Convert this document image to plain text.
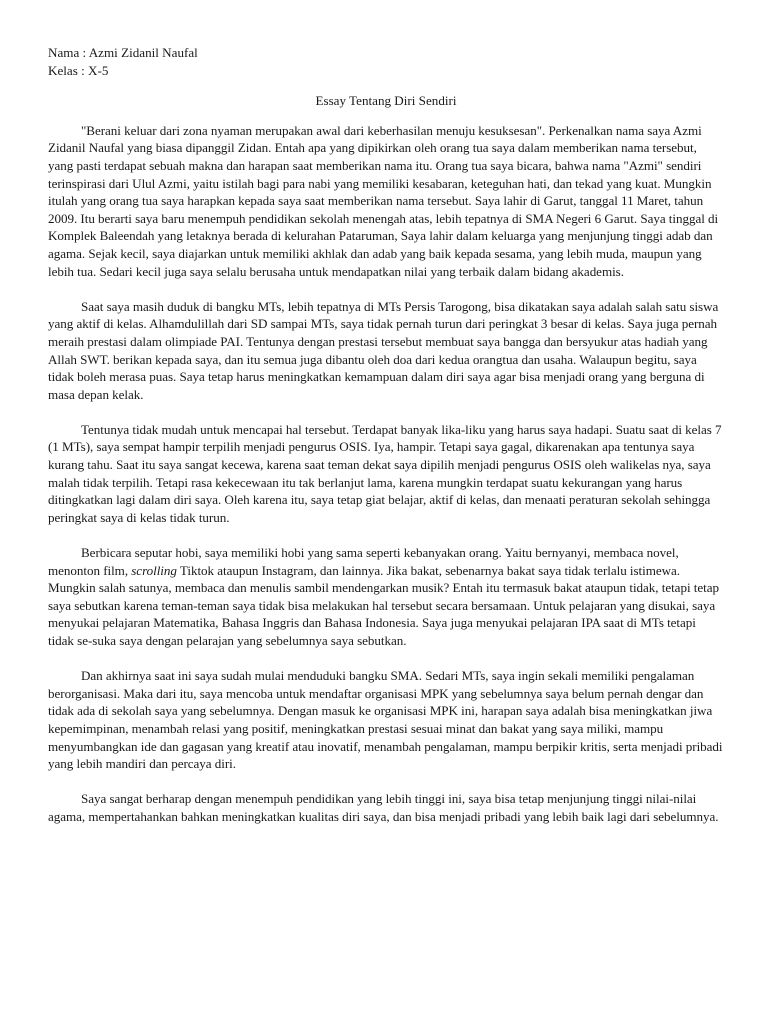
Nama : Azmi Zidanil Naufal

Kelas : X-5

Essay Tentang Diri Sendiri

"Berani keluar dari zona nyaman merupakan awal dari keberhasilan menuju kesuksesan". Perkenalkan nama saya Azmi Zidanil Naufal yang biasa dipanggil Zidan. Entah apa yang dipikirkan oleh orang tua saya dalam memberikan nama tersebut, yang pasti terdapat sebuah makna dan harapan saat memberikan nama itu. Orang tua saya bicara, bahwa nama "Azmi" sendiri terinspirasi dari Ulul Azmi, yaitu istilah bagi para nabi yang memiliki kesabaran, keteguhan hati, dan tekad yang kuat. Mungkin itulah yang orang tua saya harapkan kepada saya saat memberikan nama tersebut. Saya lahir di Garut, tanggal 11 Maret, tahun 2009. Itu berarti saya baru menempuh pendidikan sekolah menengah atas, lebih tepatnya di SMA Negeri 6 Garut. Saya tinggal di Komplek Baleendah yang letaknya berada di kelurahan Pataruman, Saya lahir dalam keluarga yang menjunjung tinggi adab dan agama. Sejak kecil, saya diajarkan untuk memiliki akhlak dan adab yang baik kepada sesama, yang lebih muda, maupun yang lebih tua. Sedari kecil juga saya selalu berusaha untuk mendapatkan nilai yang terbaik dalam bidang akademis.

Saat saya masih duduk di bangku MTs, lebih tepatnya di MTs Persis Tarogong, bisa dikatakan saya adalah salah satu siswa yang aktif di kelas. Alhamdulillah dari SD sampai MTs, saya tidak pernah turun dari peringkat 3 besar di kelas. Saya juga pernah meraih prestasi dalam olimpiade PAI. Tentunya dengan prestasi tersebut membuat saya bangga dan bersyukur atas hadiah yang Allah SWT. berikan kepada saya, dan itu semua juga dibantu oleh doa dari kedua orangtua dan usaha. Walaupun begitu, saya tidak boleh merasa puas. Saya tetap harus meningkatkan kemampuan dalam diri saya agar bisa menjadi orang yang berguna di masa depan kelak.

Tentunya tidak mudah untuk mencapai hal tersebut. Terdapat banyak lika-liku yang harus saya hadapi. Suatu saat di kelas 7 (1 MTs), saya sempat hampir terpilih menjadi pengurus OSIS. Iya, hampir. Tetapi saya gagal, dikarenakan apa tentunya saya kurang tahu. Saat itu saya sangat kecewa, karena saat teman dekat saya dipilih menjadi pengurus OSIS oleh walikelas nya, saya malah tidak terpilih. Tetapi rasa kekecewaan itu tak berlanjut lama, karena mungkin terdapat suatu kekurangan yang harus ditingkatkan lagi dalam diri saya. Oleh karena itu, saya tetap giat belajar, aktif di kelas, dan menaati peraturan sekolah sehingga peringkat saya di kelas tidak turun.

Berbicara seputar hobi, saya memiliki hobi yang sama seperti kebanyakan orang. Yaitu bernyanyi, membaca novel, menonton film, scrolling Tiktok ataupun Instagram, dan lainnya. Jika bakat, sebenarnya bakat saya tidak terlalu istimewa. Mungkin salah satunya, membaca dan menulis sambil mendengarkan musik? Entah itu termasuk bakat ataupun tidak, tetapi tetap saya sebutkan karena teman-teman saya tidak bisa melakukan hal tersebut secara bersamaan. Untuk pelajaran yang disukai, saya menyukai pelajaran Matematika, Bahasa Inggris dan Bahasa Indonesia. Saya juga menyukai pelajaran IPA saat di MTs tetapi tidak se-suka saya dengan pelarajan yang sebelumnya saya sebutkan.

Dan akhirnya saat ini saya sudah mulai menduduki bangku SMA. Sedari MTs, saya ingin sekali memiliki pengalaman berorganisasi. Maka dari itu, saya mencoba untuk mendaftar organisasi MPK yang sebelumnya saya belum pernah dengar dan tidak ada di sekolah saya yang sebelumnya. Dengan masuk ke organisasi MPK ini, harapan saya adalah bisa meningkatkan jiwa kepemimpinan, menambah relasi yang positif, meningkatkan prestasi sesuai minat dan bakat yang saya miliki, mampu menyumbangkan ide dan gagasan yang kreatif atau inovatif, menambah pengalaman, mampu berpikir kritis, serta menjadi pribadi yang lebih mandiri dan percaya diri.

Saya sangat berharap dengan menempuh pendidikan yang lebih tinggi ini, saya bisa tetap menjunjung tinggi nilai-nilai agama, mempertahankan bahkan meningkatkan kualitas diri saya, dan bisa menjadi pribadi yang lebih baik lagi dari sebelumnya.
